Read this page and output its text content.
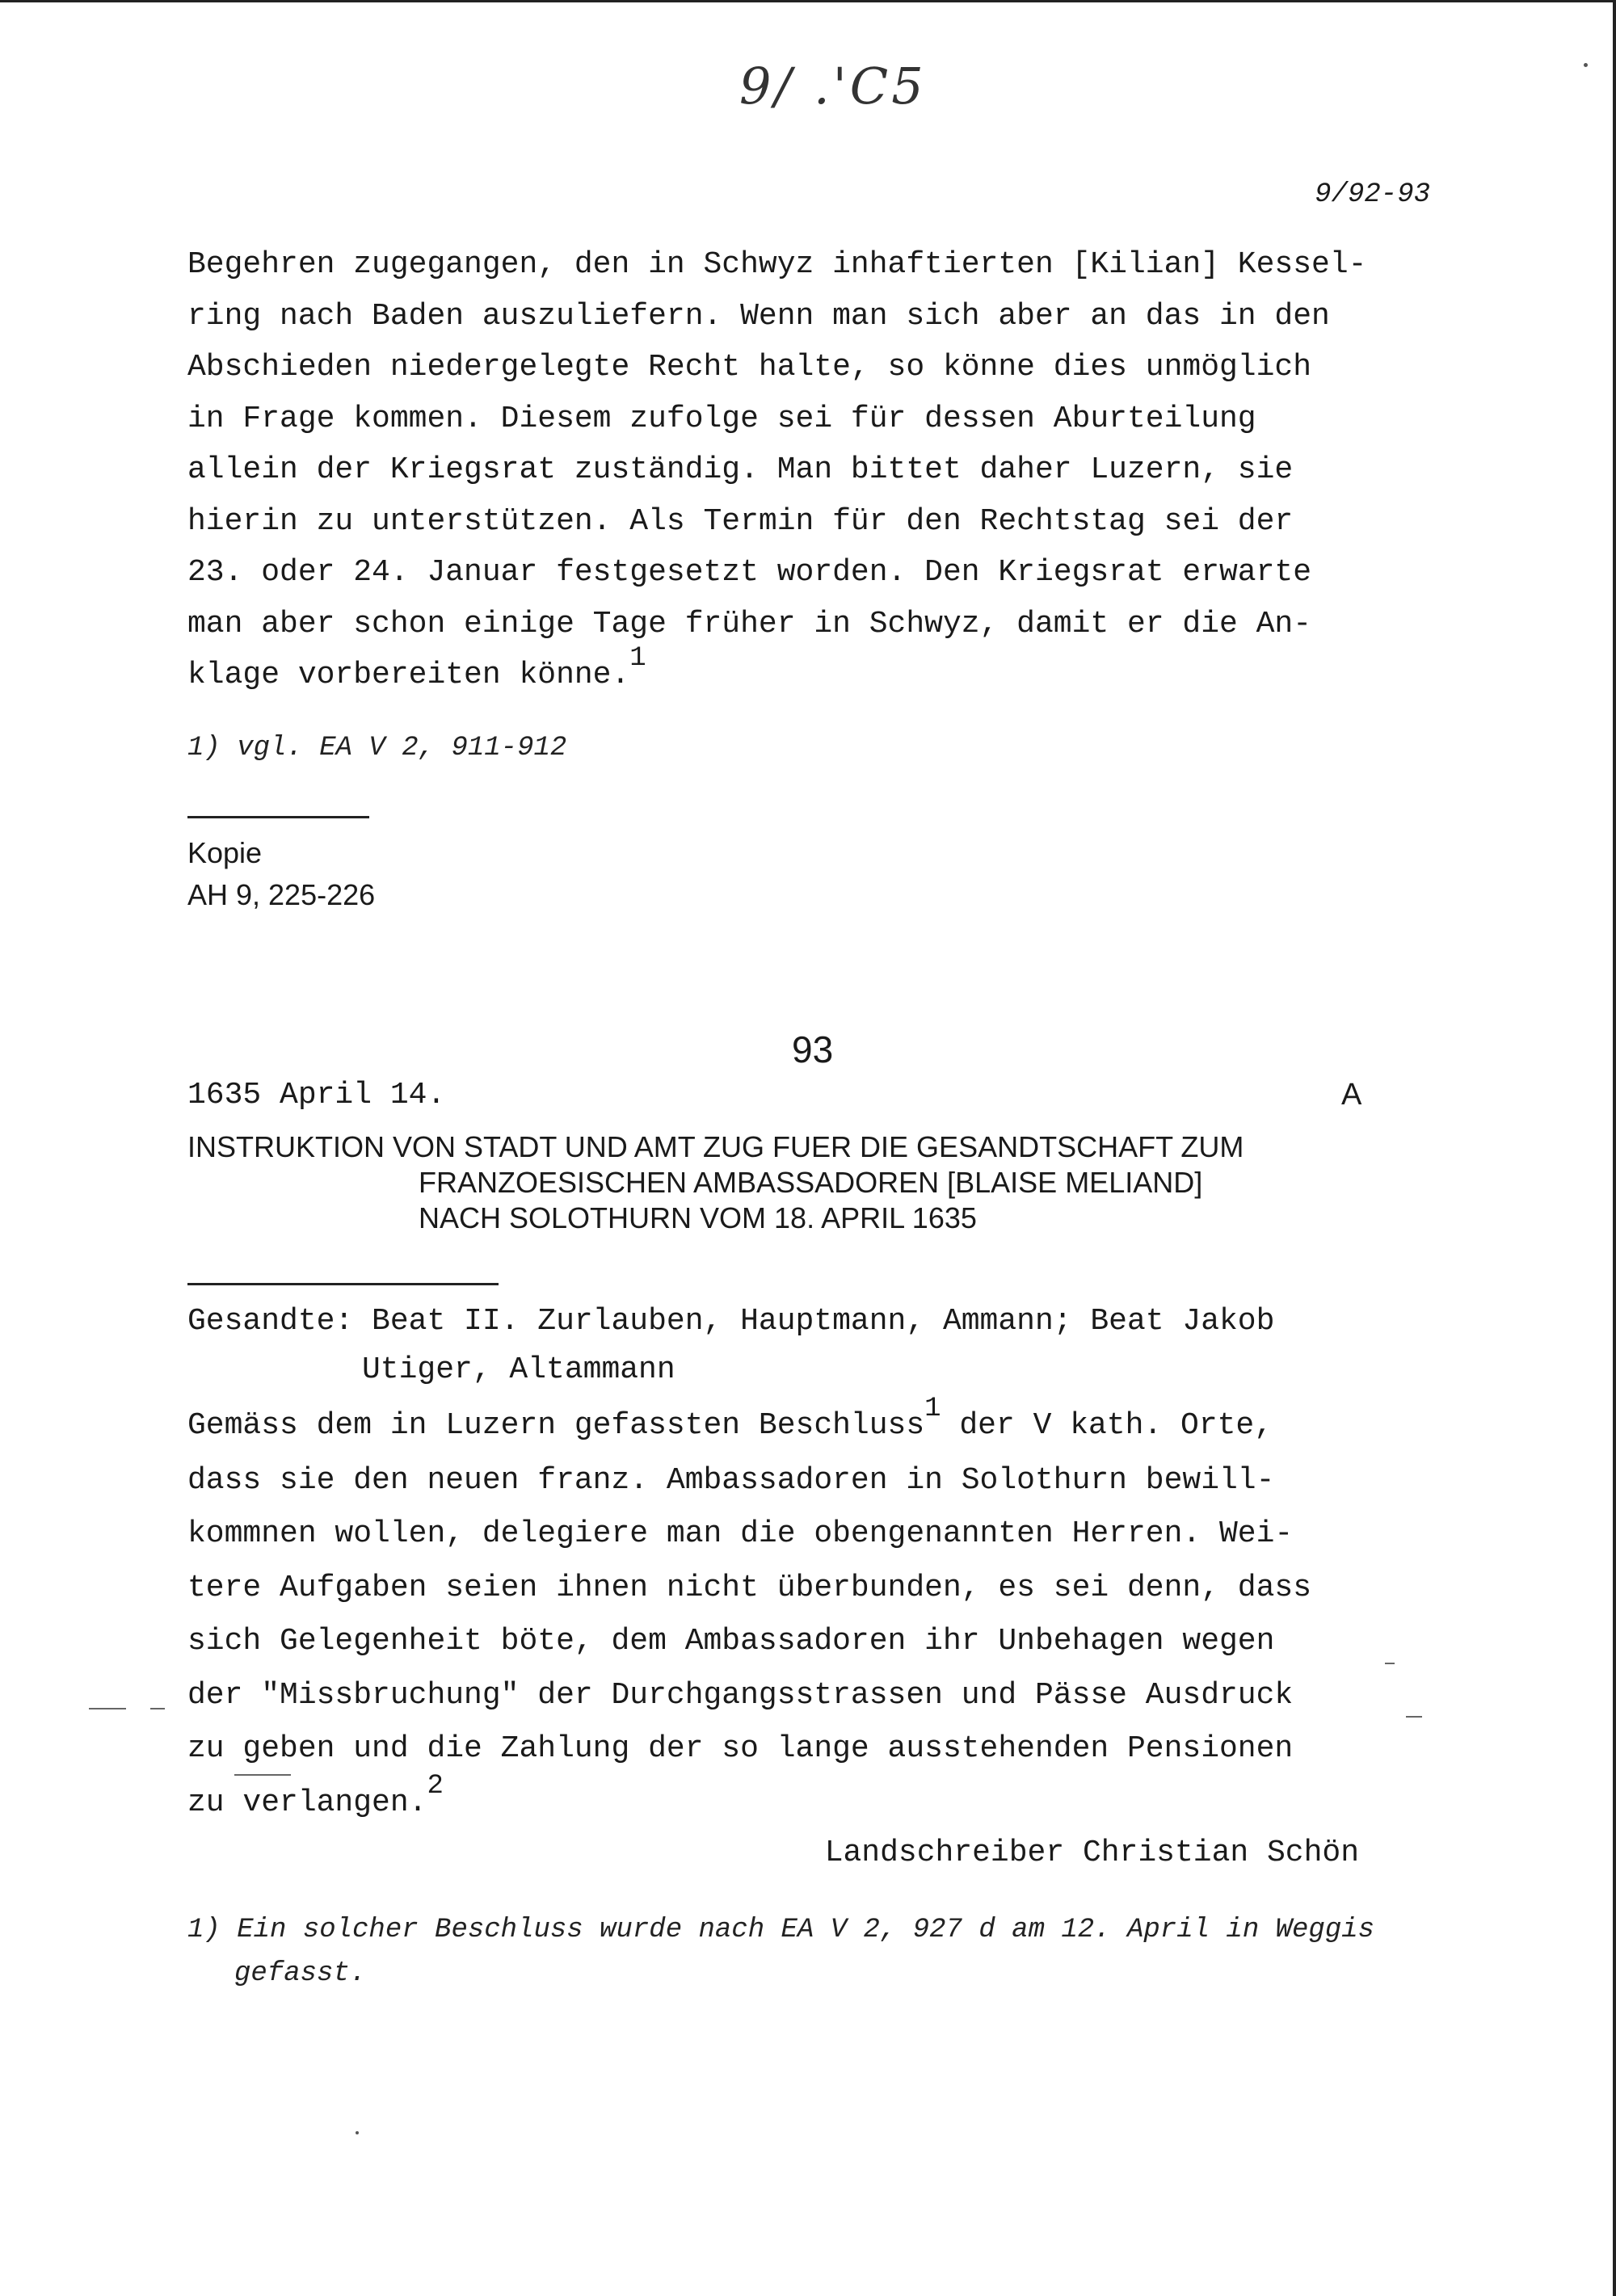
9/ .'C5
9/92-93
Begehren zugegangen, den in Schwyz inhaftierten [Kilian] Kessel-
ring nach Baden auszuliefern. Wenn man sich aber an das in den
Abschieden niedergelegte Recht halte, so könne dies unmöglich
in Frage kommen. Diesem zufolge sei für dessen Aburteilung
allein der Kriegsrat zuständig. Man bittet daher Luzern, sie
hierin zu unterstützen. Als Termin für den Rechtstag sei der
23. oder 24. Januar festgesetzt worden. Den Kriegsrat erwarte
man aber schon einige Tage früher in Schwyz, damit er die An-
klage vorbereiten könne.1
1) vgl. EA V 2, 911-912
Kopie
AH 9, 225-226
93
1635 April 14.	A
INSTRUKTION VON STADT UND AMT ZUG FUER DIE GESANDTSCHAFT ZUM
FRANZOESISCHEN AMBASSADOREN [BLAISE MELIAND]
NACH SOLOTHURN VOM 18. APRIL 1635
Gesandte: Beat II. Zurlauben, Hauptmann, Ammann; Beat Jakob
Utiger, Altammann
Gemäss dem in Luzern gefassten Beschluss1 der V kath. Orte,
dass sie den neuen franz. Ambassadoren in Solothurn bewill-
kommnen wollen, delegiere man die obengenannten Herren. Wei-
tere Aufgaben seien ihnen nicht überbunden, es sei denn, dass
sich Gelegenheit böte, dem Ambassadoren ihr Unbehagen wegen
der "Missbruchung" der Durchgangsstrassen und Pässe Ausdruck
zu geben und die Zahlung der so lange ausstehenden Pensionen
zu verlangen.2
Landschreiber Christian Schön
1) Ein solcher Beschluss wurde nach EA V 2, 927 d am 12. April in Weggis
gefasst.
